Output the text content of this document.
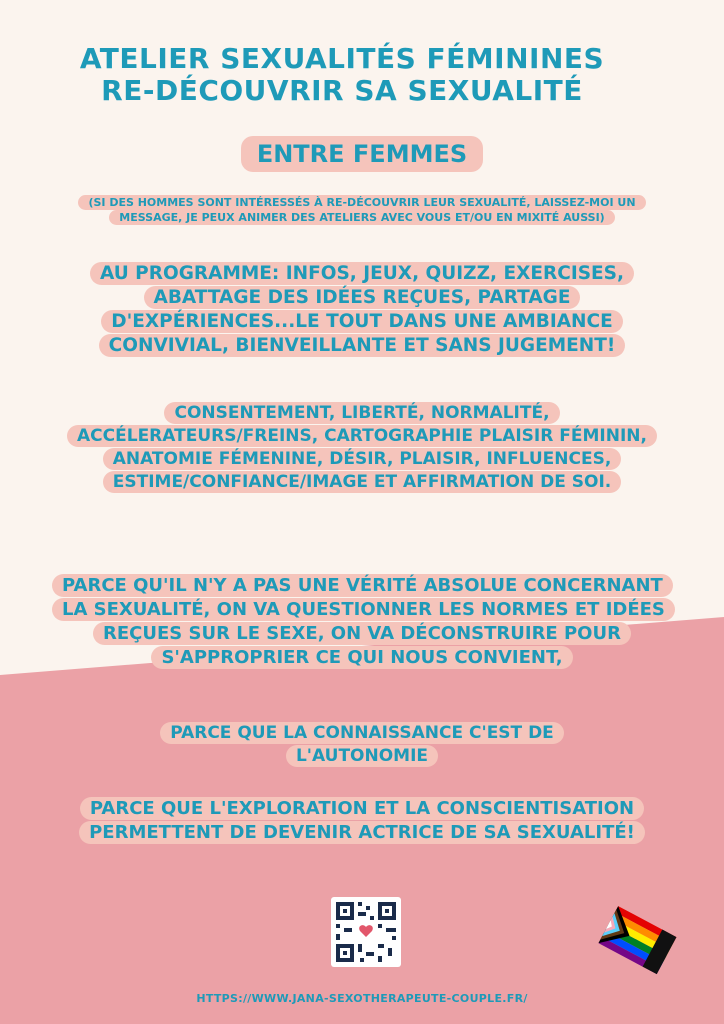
ATELIER SEXUALITÉS FÉMININES
RE-DÉCOUVRIR SA SEXUALITÉ
ENTRE FEMMES
(SI DES HOMMES SONT INTÉRESSÉS À RE-DÉCOUVRIR LEUR SEXUALITÉ, LAISSEZ-MOI UN MESSAGE, JE PEUX ANIMER DES ATELIERS AVEC VOUS ET/OU EN MIXITÉ AUSSI)
AU PROGRAMME: INFOS, JEUX, QUIZZ, EXERCISES, ABATTAGE DES IDÉES REÇUES, PARTAGE D'EXPÉRIENCES...LE TOUT DANS UNE AMBIANCE CONVIVIAL, BIENVEILLANTE ET SANS JUGEMENT!
CONSENTEMENT, LIBERTÉ, NORMALITÉ, ACCÉLERATEURS/FREINS, CARTOGRAPHIE PLAISIR FÉMININ, ANATOMIE FÉMENINE, DÉSIR, PLAISIR, INFLUENCES, ESTIME/CONFIANCE/IMAGE ET AFFIRMATION DE SOI.
PARCE QU'IL N'Y A PAS UNE VÉRITÉ ABSOLUE CONCERNANT LA SEXUALITÉ, ON VA QUESTIONNER LES NORMES ET IDÉES REÇUES SUR LE SEXE, ON VA DÉCONSTRUIRE POUR S'APPROPRIER CE QUI NOUS CONVIENT,
PARCE QUE LA CONNAISSANCE C'EST DE L'AUTONOMIE
PARCE QUE L'EXPLORATION ET LA CONSCIENTISATION PERMETTENT DE DEVENIR ACTRICE DE SA SEXUALITÉ!
HTTPS://WWW.JANA-SEXOTHERAPEUTE-COUPLE.FR/
